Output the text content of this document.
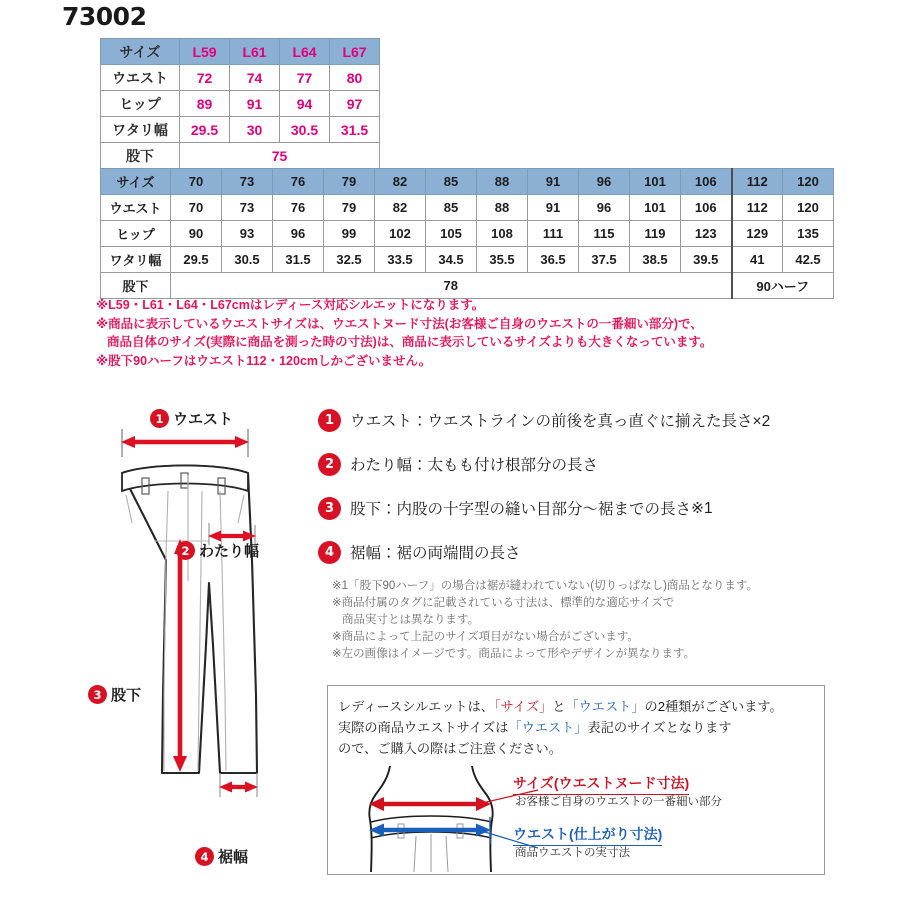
73002
サイズ	L59	L61	L64	L67
ウエスト	72	74	77	80
ヒップ	89	91	94	97
ワタリ幅	29.5	30	30.5	31.5
股下	75			
サイズ	70	73	76	79	82	85	88	91	96	101	106	112	120
ウエスト	70	73	76	79	82	85	88	91	96	101	106	112	120
ヒップ	90	93	96	99	102	105	108	111	115	119	123	129	135
ワタリ幅	29.5	30.5	31.5	32.5	33.5	34.5	35.5	36.5	37.5	38.5	39.5	41	42.5
股下	78											90ハーフ	
※L59・L61・L64・L67cmはレディース対応シルエットになります。
※商品に表示しているウエストサイズは、ウエストヌード寸法(お客様ご自身のウエストの一番細い部分)で、
商品自体のサイズ(実際に商品を測った時の寸法)は、商品に表示しているサイズよりも大きくなっています。
※股下90ハーフはウエスト112・120cmしかございません。
1 ウエスト
2 わたり幅
3 股下
4 裾幅
1	ウエスト：ウエストラインの前後を真っ直ぐに揃えた長さ×2
2	わたり幅：太もも付け根部分の長さ
3	股下：内股の十字型の縫い目部分〜裾までの長さ ※1
4	裾幅：裾の両端間の長さ
※1「股下90ハーフ」の場合は裾が縫われていない(切りっぱなし)商品となります。
※商品付属のタグに記載されている寸法は、標準的な適応サイズで
商品実寸とは異なります。
※商品によって上記のサイズ項目がない場合がございます。
※左の画像はイメージです。商品によって形やデザインが異なります。
レディースシルエットは、「サイズ」と「ウエスト」の2種類がございます。
実際の商品ウエストサイズは「ウエスト」表記のサイズとなります
ので、ご購入の際はご注意ください。
サイズ(ウエストヌード寸法)
お客様ご自身のウエストの一番細い部分
ウエスト(仕上がり寸法)
商品ウエストの実寸法
